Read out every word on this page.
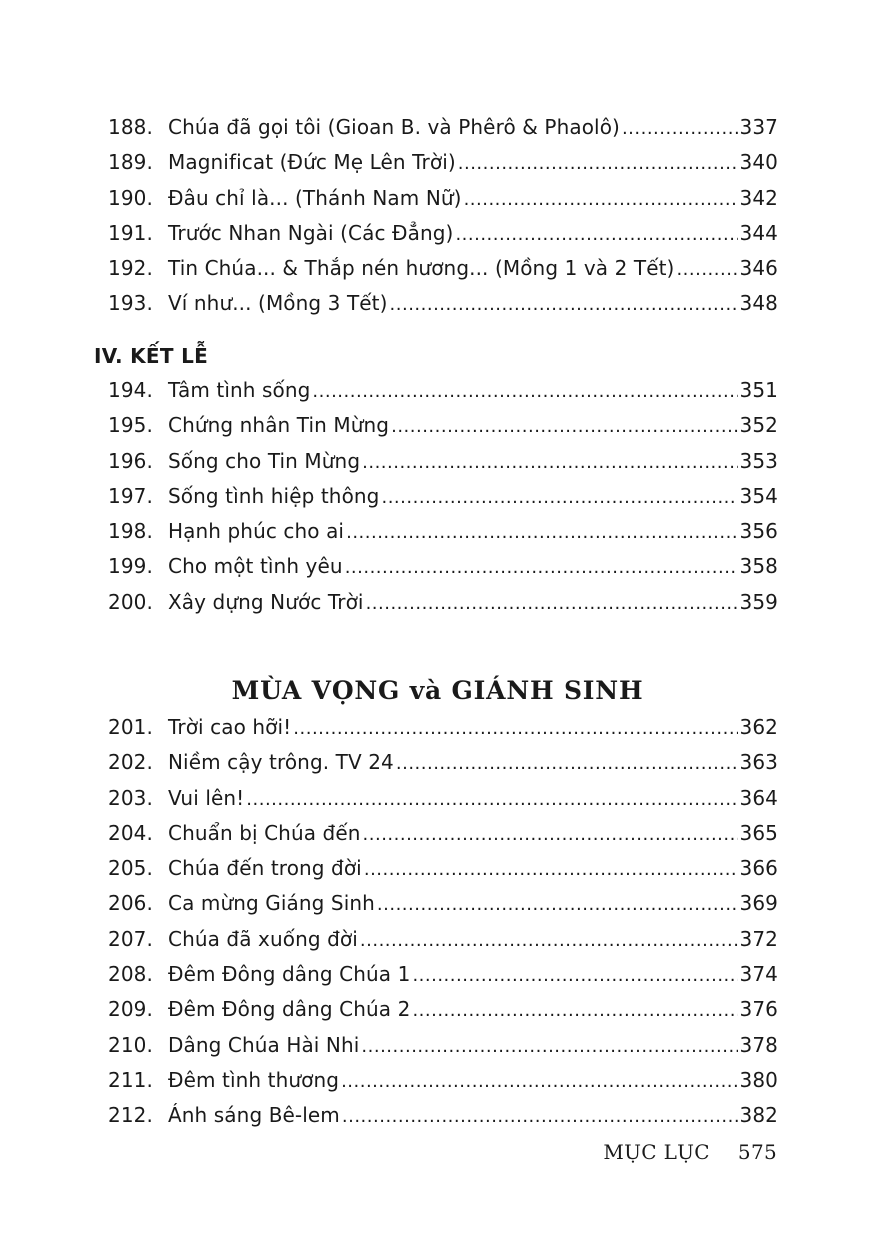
188. Chúa đã gọi tôi (Gioan B. và Phêrô & Phaolô) .....	337
189. Magnificat (Đức Mẹ Lên Trời) .....	340
190. Đâu chỉ là... (Thánh Nam Nữ) .....	342
191. Trước Nhan Ngài (Các Đẳng) .....	344
192. Tin Chúa... & Thắp nén hương... (Mồng 1 và 2 Tết) .....	346
193. Ví như... (Mồng 3 Tết) .....	348
IV. KẾT LỄ
194. Tâm tình sống .....	351
195. Chứng nhân Tin Mừng .....	352
196. Sống cho Tin Mừng .....	353
197. Sống tình hiệp thông .....	354
198. Hạnh phúc cho ai .....	356
199. Cho một tình yêu .....	358
200. Xây dựng Nước Trời .....	359
MÙA VỌNG và GIÁNH SINH
201. Trời cao hỡi! .....	362
202. Niềm cậy trông. TV 24 .....	363
203. Vui lên! .....	364
204. Chuẩn bị Chúa đến .....	365
205. Chúa đến trong đời .....	366
206. Ca mừng Giáng Sinh .....	369
207. Chúa đã xuống đời .....	372
208. Đêm Đông dâng Chúa 1 .....	374
209. Đêm Đông dâng Chúa 2 .....	376
210. Dâng Chúa Hài Nhi .....	378
211. Đêm tình thương .....	380
212. Ánh sáng Bê-lem .....	382
MỤC LỤC 575
